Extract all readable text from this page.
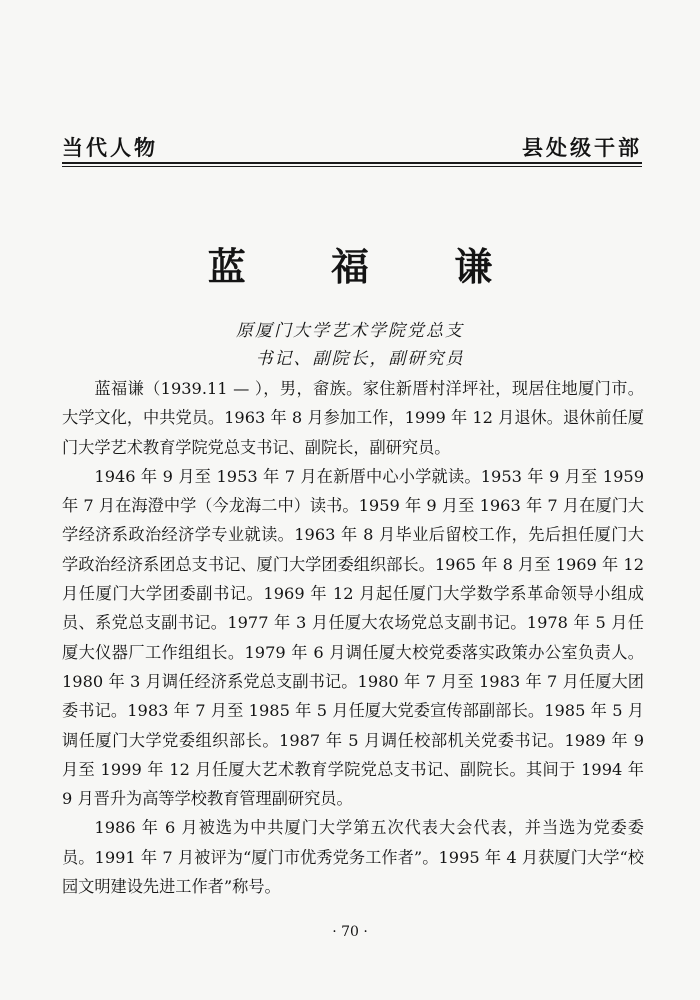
当代人物	县处级干部
蓝 福 谦
原厦门大学艺术学院党总支
书记、副院长，副研究员

蓝福谦（1939.11 — ），男，畲族。家住新厝村洋坪社，现居住地厦门市。大学文化，中共党员。1963 年 8 月参加工作，1999 年 12 月退休。退休前任厦门大学艺术教育学院党总支书记、副院长，副研究员。

1946 年 9 月至 1953 年 7 月在新厝中心小学就读。1953 年 9 月至 1959 年 7 月在海澄中学（今龙海二中）读书。1959 年 9 月至 1963 年 7 月在厦门大学经济系政治经济学专业就读。1963 年 8 月毕业后留校工作，先后担任厦门大学政治经济系团总支书记、厦门大学团委组织部长。1965 年 8 月至 1969 年 12 月任厦门大学团委副书记。1969 年 12 月起任厦门大学数学系革命领导小组成员、系党总支副书记。1977 年 3 月任厦大农场党总支副书记。1978 年 5 月任厦大仪器厂工作组组长。1979 年 6 月调任厦大校党委落实政策办公室负责人。1980 年 3 月调任经济系党总支副书记。1980 年 7 月至 1983 年 7 月任厦大团委书记。1983 年 7 月至 1985 年 5 月任厦大党委宣传部副部长。1985 年 5 月调任厦门大学党委组织部长。1987 年 5 月调任校部机关党委书记。1989 年 9 月至 1999 年 12 月任厦大艺术教育学院党总支书记、副院长。其间于 1994 年 9 月晋升为高等学校教育管理副研究员。

1986 年 6 月被选为中共厦门大学第五次代表大会代表，并当选为党委委员。1991 年 7 月被评为“厦门市优秀党务工作者”。1995 年 4 月获厦门大学“校园文明建设先进工作者”称号。

· 70 ·
